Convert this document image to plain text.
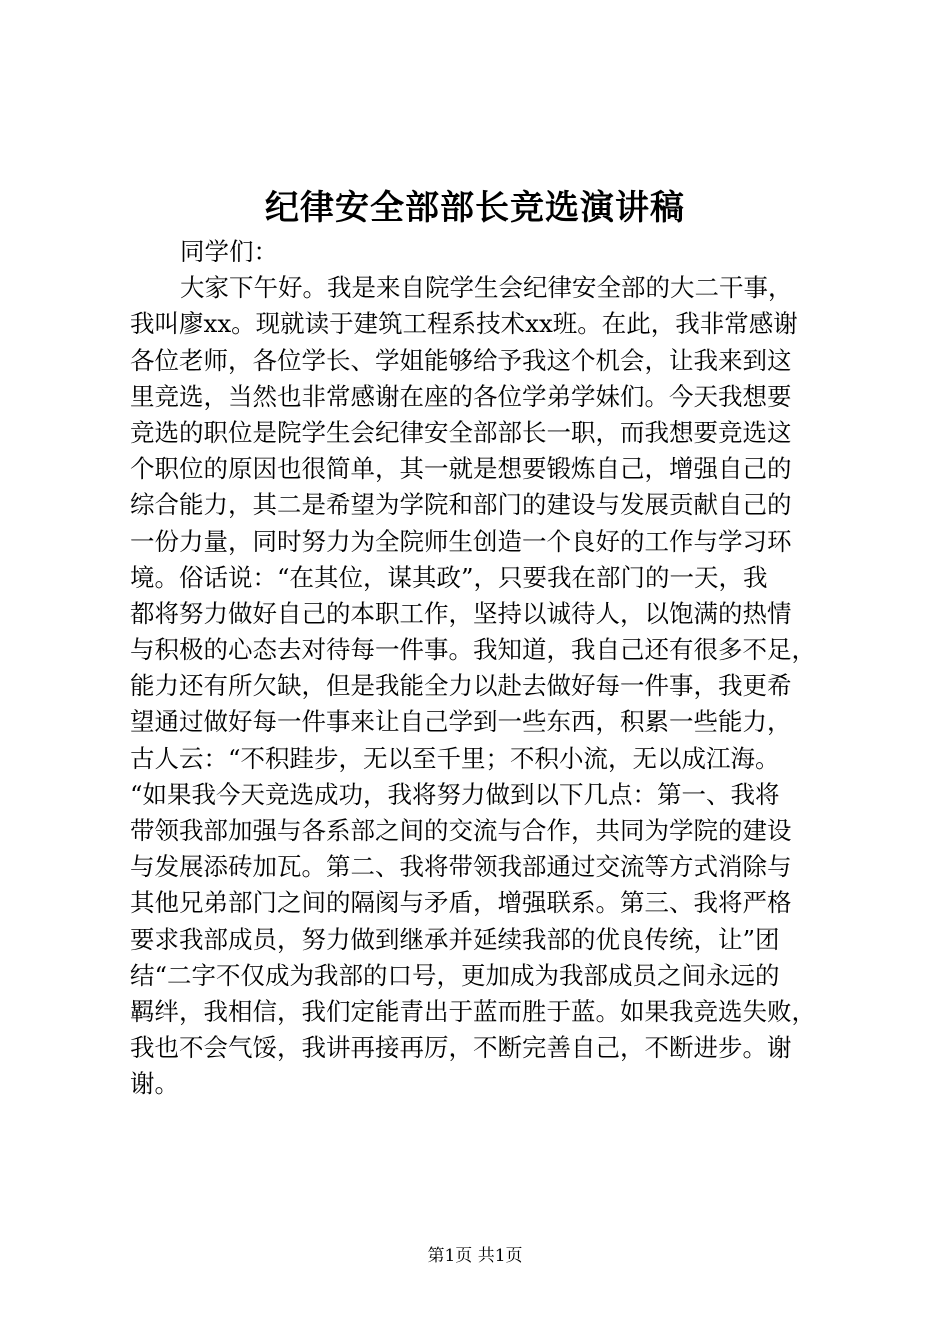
纪律安全部部长竞选演讲稿
同学们：
大家下午好。我是来自院学生会纪律安全部的大二干事，
我叫廖xx。现就读于建筑工程系技术xx班。在此，我非常感谢
各位老师，各位学长、学姐能够给予我这个机会，让我来到这
里竞选，当然也非常感谢在座的各位学弟学妹们。今天我想要
竞选的职位是院学生会纪律安全部部长一职，而我想要竞选这
个职位的原因也很简单，其一就是想要锻炼自己，增强自己的
综合能力，其二是希望为学院和部门的建设与发展贡献自己的
一份力量，同时努力为全院师生创造一个良好的工作与学习环
境。俗话说：“在其位，谋其政”，只要我在部门的一天，我
都将努力做好自己的本职工作，坚持以诚待人，以饱满的热情
与积极的心态去对待每一件事。我知道，我自己还有很多不足，
能力还有所欠缺，但是我能全力以赴去做好每一件事，我更希
望通过做好每一件事来让自己学到一些东西，积累一些能力，
古人云：“不积跬步，无以至千里；不积小流，无以成江海。
“如果我今天竞选成功，我将努力做到以下几点：第一、我将
带领我部加强与各系部之间的交流与合作，共同为学院的建设
与发展添砖加瓦。第二、我将带领我部通过交流等方式消除与
其他兄弟部门之间的隔阂与矛盾，增强联系。第三、我将严格
要求我部成员，努力做到继承并延续我部的优良传统，让”团
结“二字不仅成为我部的口号，更加成为我部成员之间永远的
羁绊，我相信，我们定能青出于蓝而胜于蓝。如果我竞选失败，
我也不会气馁，我讲再接再厉，不断完善自己，不断进步。谢
谢。
第1页 共1页
